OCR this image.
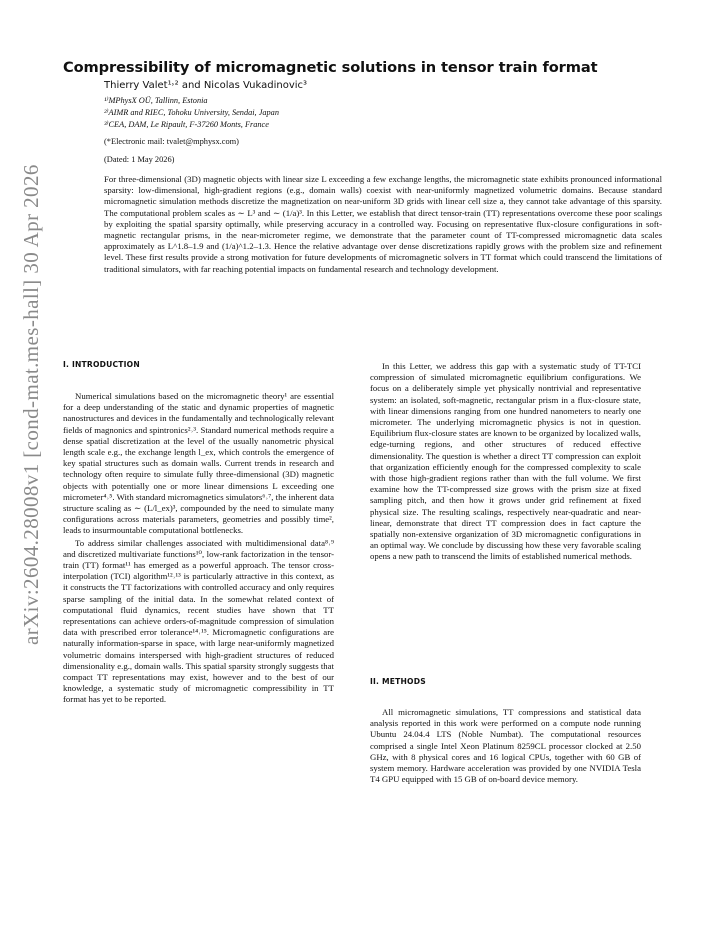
arXiv:2604.28008v1 [cond-mat.mes-hall] 30 Apr 2026
Compressibility of micromagnetic solutions in tensor train format
Thierry Valet¹˒² and Nicolas Vukadinovic³
¹⁾MPhysX OÜ, Tallinn, Estonia
²⁾AIMR and RIEC, Tohoku University, Sendai, Japan
³⁾CEA, DAM, Le Ripault, F-37260 Monts, France
(*Electronic mail: tvalet@mphysx.com)
(Dated: 1 May 2026)
For three-dimensional (3D) magnetic objects with linear size L exceeding a few exchange lengths, the micromagnetic state exhibits pronounced informational sparsity: low-dimensional, high-gradient regions (e.g., domain walls) coexist with near-uniformly magnetized volumetric domains. Because standard micromagnetic simulation methods discretize the magnetization on near-uniform 3D grids with linear cell size a, they cannot take advantage of this sparsity. The computational problem scales as ∼ L³ and ∼ (1/a)³. In this Letter, we establish that direct tensor-train (TT) representations overcome these poor scalings by exploiting the spatial sparsity optimally, while preserving accuracy in a controlled way. Focusing on representative flux-closure configurations in soft-magnetic rectangular prisms, in the near-micrometer regime, we demonstrate that the parameter count of TT-compressed micromagnetic data scales approximately as L^1.8–1.9 and (1/a)^1.2–1.3. Hence the relative advantage over dense discretizations rapidly grows with the problem size and refinement level. These first results provide a strong motivation for future developments of micromagnetic solvers in TT format which could transcend the limitations of traditional simulators, with far reaching potential impacts on fundamental research and technology development.
I. INTRODUCTION
II. METHODS

Numerical simulations based on the micromagnetic theory¹ are essential for a deep understanding of the static and dynamic properties of magnetic nanostructures and devices in the fundamentally and technologically relevant fields of magnonics and spintronics²˒³. Standard numerical methods require a dense spatial discretization at the level of the usually nanometric physical length scale e.g., the exchange length l_ex, which controls the emergence of key spatial structures such as domain walls. Current trends in research and technology often require to simulate fully three-dimensional (3D) magnetic objects with potentially one or more linear dimensions L exceeding one micrometer⁴˒⁵. With standard micromagnetics simulators⁶˒⁷, the inherent data structure scaling as ∼ (L/l_ex)³, compounded by the need to simulate many configurations across materials parameters, geometries and possibly time², leads to insurmountable computational bottlenecks.

To address similar challenges associated with multidimensional data⁸˒⁹ and discretized multivariate functions¹⁰, low-rank factorization in the tensor-train (TT) format¹¹ has emerged as a powerful approach. The tensor cross-interpolation (TCI) algorithm¹²˒¹³ is particularly attractive in this context, as it constructs the TT factorizations with controlled accuracy and only requires sparse sampling of the initial data. In the somewhat related context of computational fluid dynamics, recent studies have shown that TT representations can achieve orders-of-magnitude compression of simulation data with prescribed error tolerance¹⁴˒¹⁵. Micromagnetic configurations are naturally information-sparse in space, with large near-uniformly magnetized volumetric domains interspersed with high-gradient structures of reduced dimensionality e.g., domain walls. This spatial sparsity strongly suggests that compact TT representations may exist, however and to the best of our knowledge, a systematic study of micromagnetic compressibility in TT format has yet to be reported.

In this Letter, we address this gap with a systematic study of TT-TCI compression of simulated micromagnetic equilibrium configurations. We focus on a deliberately simple yet physically nontrivial and representative system: an isolated, soft-magnetic, rectangular prism in a flux-closure state, with linear dimensions ranging from one hundred nanometers to nearly one micrometer. The underlying micromagnetic physics is not in question. Equilibrium flux-closure states are known to be organized by localized walls, edge-turning regions, and other structures of reduced effective dimensionality. The question is whether a direct TT compression can exploit that organization efficiently enough for the compressed complexity to scale with those high-gradient regions rather than with the full volume. We first examine how the TT-compressed size grows with the prism size at fixed sampling pitch, and then how it grows under grid refinement at fixed physical size. The resulting scalings, respectively near-quadratic and near-linear, demonstrate that direct TT compression does in fact capture the spatially non-extensive organization of 3D micromagnetic configurations in an optimal way. We conclude by discussing how these very favorable scaling opens a new path to transcend the limits of established numerical methods.

All micromagnetic simulations, TT compressions and statistical data analysis reported in this work were performed on a compute node running Ubuntu 24.04.4 LTS (Noble Numbat). The computational resources comprised a single Intel Xeon Platinum 8259CL processor clocked at 2.50 GHz, with 8 physical cores and 16 logical CPUs, together with 60 GB of system memory. Hardware acceleration was provided by one NVIDIA Tesla T4 GPU equipped with 15 GB of on-board device memory.
